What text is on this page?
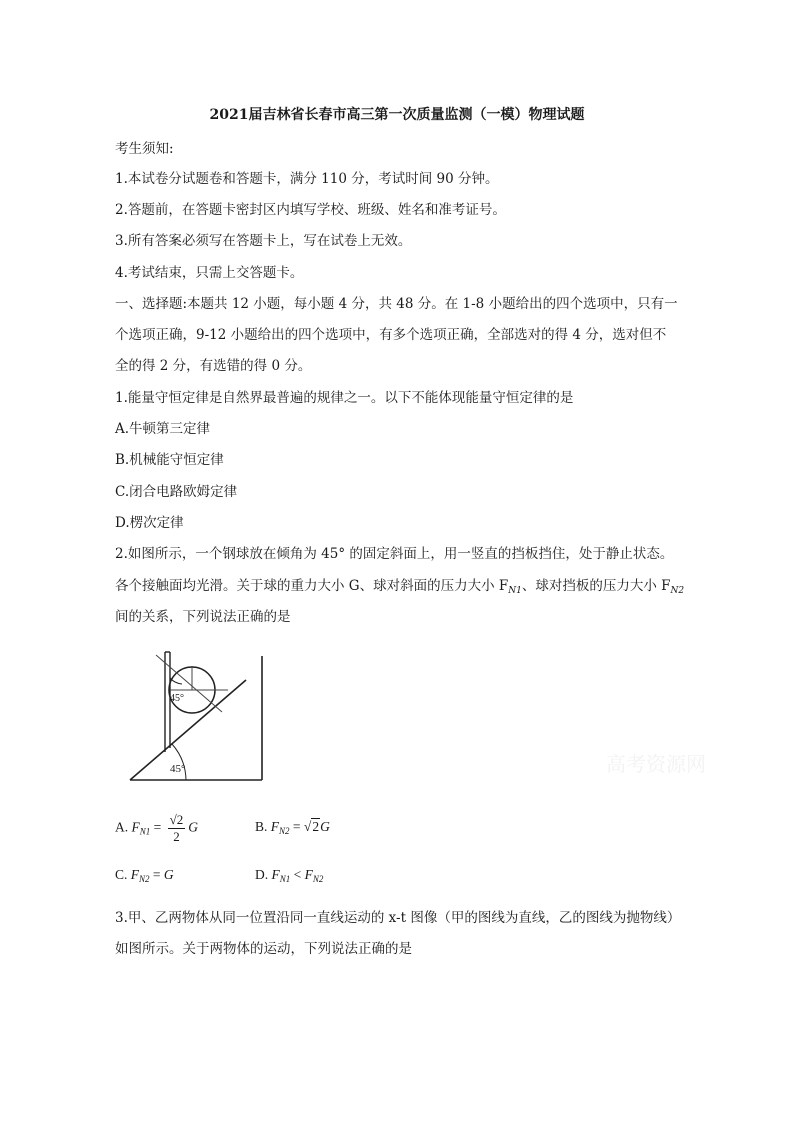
2021届吉林省长春市高三第一次质量监测（一模）物理试题
考生须知:
1.本试卷分试题卷和答题卡，满分 110 分，考试时间 90 分钟。
2.答题前，在答题卡密封区内填写学校、班级、姓名和准考证号。
3.所有答案必须写在答题卡上，写在试卷上无效。
4.考试结束，只需上交答题卡。
一、选择题:本题共 12 小题，每小题 4 分，共 48 分。在 1-8 小题给出的四个选项中，只有一
个选项正确，9-12 小题给出的四个选项中，有多个选项正确，全部选对的得 4 分，选对但不
全的得 2 分，有选错的得 0 分。
1.能量守恒定律是自然界最普遍的规律之一。以下不能体现能量守恒定律的是
A.牛顿第三定律
B.机械能守恒定律
C.闭合电路欧姆定律
D.楞次定律
2.如图所示，一个钢球放在倾角为 45° 的固定斜面上，用一竖直的挡板挡住，处于静止状态。
各个接触面均光滑。关于球的重力大小 G、球对斜面的压力大小 $F_{N1}$、球对挡板的压力大小 $F_{N2}$
间的关系，下列说法正确的是
45°
45°
高考资源网
A. $F_{N1} = \frac{√2}{2}$ G	B. $F_{N2} = √2G$
C. $F_{N2} = G$	D. $F_{N1} < F_{N2}$
3.甲、乙两物体从同一位置沿同一直线运动的 x-t 图像（甲的图线为直线，乙的图线为抛物线）
如图所示。关于两物体的运动，下列说法正确的是
